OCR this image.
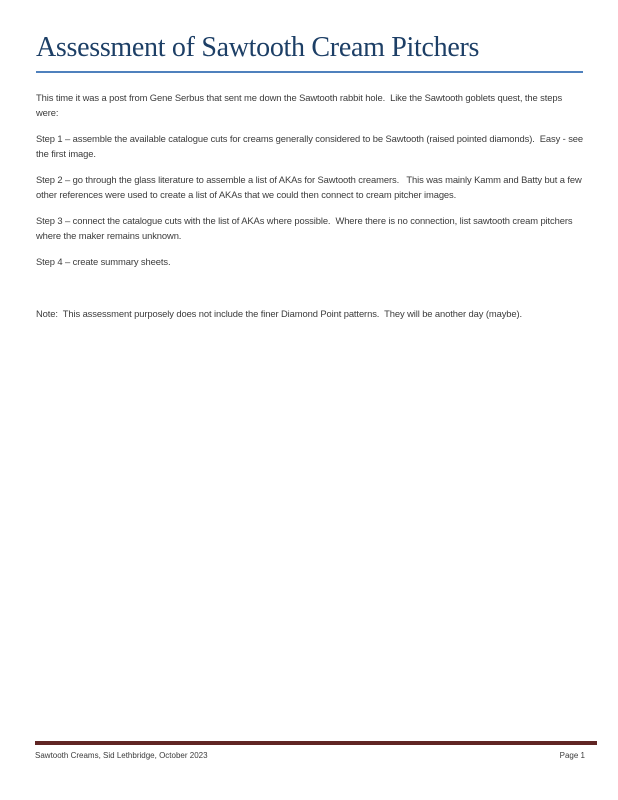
Assessment of Sawtooth Cream Pitchers

This time it was a post from Gene Serbus that sent me down the Sawtooth rabbit hole.  Like the Sawtooth goblets quest, the steps were:

Step 1 – assemble the available catalogue cuts for creams generally considered to be Sawtooth (raised pointed diamonds).  Easy - see the first image.

Step 2 – go through the glass literature to assemble a list of AKAs for Sawtooth creamers.   This was mainly Kamm and Batty but a few other references were used to create a list of AKAs that we could then connect to cream pitcher images.

Step 3 – connect the catalogue cuts with the list of AKAs where possible.  Where there is no connection, list sawtooth cream pitchers where the maker remains unknown.

Step 4 – create summary sheets.

Note:  This assessment purposely does not include the finer Diamond Point patterns.  They will be another day (maybe).

Sawtooth Creams, Sid Lethbridge, October 2023	Page 1
